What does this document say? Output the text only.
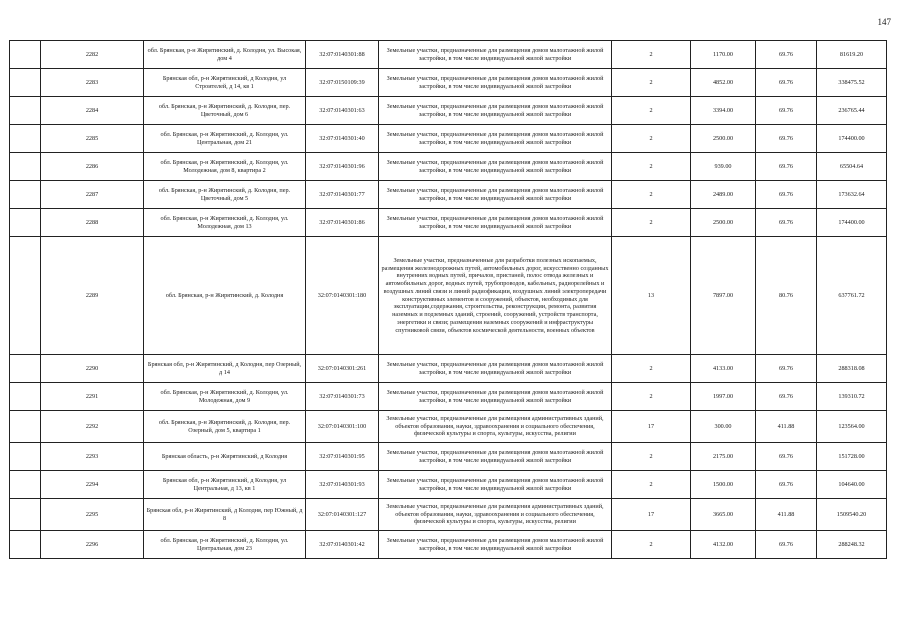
147
	2282	обл. Брянская, р-н Жирятинский, д. Колодня, ул. Высокая, дом 4	32:07:0140301:88	Земельные участки, предназначенные для размещения домов малоэтажной жилой застройки, в том числе индивидуальной жилой застройки	2	1170.00	69.76	81619.20
	2283	Брянская обл, р-н Жирятинский, д Колодня, ул Строителей, д 14, кв 1	32:07:0150109:39	Земельные участки, предназначенные для размещения домов малоэтажной жилой застройки, в том числе индивидуальной жилой застройки	2	4852.00	69.76	338475.52
	2284	обл. Брянская, р-н Жирятинский, д. Колодня, пер. Цветочный, дом 6	32:07:0140301:63	Земельные участки, предназначенные для размещения домов малоэтажной жилой застройки, в том числе индивидуальной жилой застройки	2	3394.00	69.76	236765.44
	2285	обл. Брянская, р-н Жирятинский, д. Колодня, ул. Центральная, дом 21	32:07:0140301:40	Земельные участки, предназначенные для размещения домов малоэтажной жилой застройки, в том числе индивидуальной жилой застройки	2	2500.00	69.76	174400.00
	2286	обл. Брянская, р-н Жирятинский, д. Колодня, ул. Молодежная, дом 8, квартира 2	32:07:0140301:96	Земельные участки, предназначенные для размещения домов малоэтажной жилой застройки, в том числе индивидуальной жилой застройки	2	939.00	69.76	65504.64
	2287	обл. Брянская, р-н Жирятинский, д. Колодня, пер. Цветочный, дом 5	32:07:0140301:77	Земельные участки, предназначенные для размещения домов малоэтажной жилой застройки, в том числе индивидуальной жилой застройки	2	2489.00	69.76	173632.64
	2288	обл. Брянская, р-н Жирятинский, д. Колодня, ул. Молодежная, дом 13	32:07:0140301:86	Земельные участки, предназначенные для размещения домов малоэтажной жилой застройки, в том числе индивидуальной жилой застройки	2	2500.00	69.76	174400.00
	2289	обл. Брянская, р-н Жирятинский, д. Колодня	32:07:0140301:180	Земельные участки, предназначенные для разработки полезных ископаемых, размещения железнодорожных путей, автомобильных дорог, искусственно созданных внутренних водных путей, причалов, пристаней, полос отвода железных и автомобильных дорог, водных путей, трубопроводов, кабельных, радиорелейных и воздушных линий связи и линий радиофикации, воздушных линий электропередачи конструктивных элементов и сооружений, объектов, необходимых для эксплуатации,содержания, строительства, реконструкции, ремонта, развития наземных и подземных зданий, строений, сооружений, устройств транспорта, энергетики и связи; размещения наземных сооружений и инфраструктуры спутниковой связи, объектов космической деятельности, военных объектов	13	7897.00	80.76	637761.72
	2290	Брянская обл, р-н Жирятинский, д Колодня, пер Озерный, д 14	32:07:0140301:261	Земельные участки, предназначенные для размещения домов малоэтажной жилой застройки, в том числе индивидуальной жилой застройки	2	4133.00	69.76	288318.08
	2291	обл. Брянская, р-н Жирятинский, д. Колодня, ул. Молодежная, дом 9	32:07:0140301:73	Земельные участки, предназначенные для размещения домов малоэтажной жилой застройки, в том числе индивидуальной жилой застройки	2	1997.00	69.76	139310.72
	2292	обл. Брянская, р-н Жирятинский, д. Колодня, пер. Озерный, дом 5, квартира 1	32:07:0140301:100	Земельные участки, предназначенные для размещения административных зданий, объектов образования, науки, здравоохранения и социального обеспечения, физической культуры и спорта, культуры, искусства, религии	17	300.00	411.88	123564.00
	2293	Брянская область, р-н Жирятинский, д Колодня	32:07:0140301:95	Земельные участки, предназначенные для размещения домов малоэтажной жилой застройки, в том числе индивидуальной жилой застройки	2	2175.00	69.76	151728.00
	2294	Брянская обл, р-н Жирятинский, д Колодня, ул Центральная, д 13, кв 1	32:07:0140301:93	Земельные участки, предназначенные для размещения домов малоэтажной жилой застройки, в том числе индивидуальной жилой застройки	2	1500.00	69.76	104640.00
	2295	Брянская обл, р-н Жирятинский, д Колодня, пер Южный, д 8	32:07:0140301:127	Земельные участки, предназначенные для размещения административных зданий, объектов образования, науки, здравоохранения и социального обеспечения, физической культуры и спорта, культуры, искусства, религии	17	3665.00	411.88	1509540.20
	2296	обл. Брянская, р-н Жирятинский, д. Колодня, ул. Центральная, дом 23	32:07:0140301:42	Земельные участки, предназначенные для размещения домов малоэтажной жилой застройки, в том числе индивидуальной жилой застройки	2	4132.00	69.76	288248.32
